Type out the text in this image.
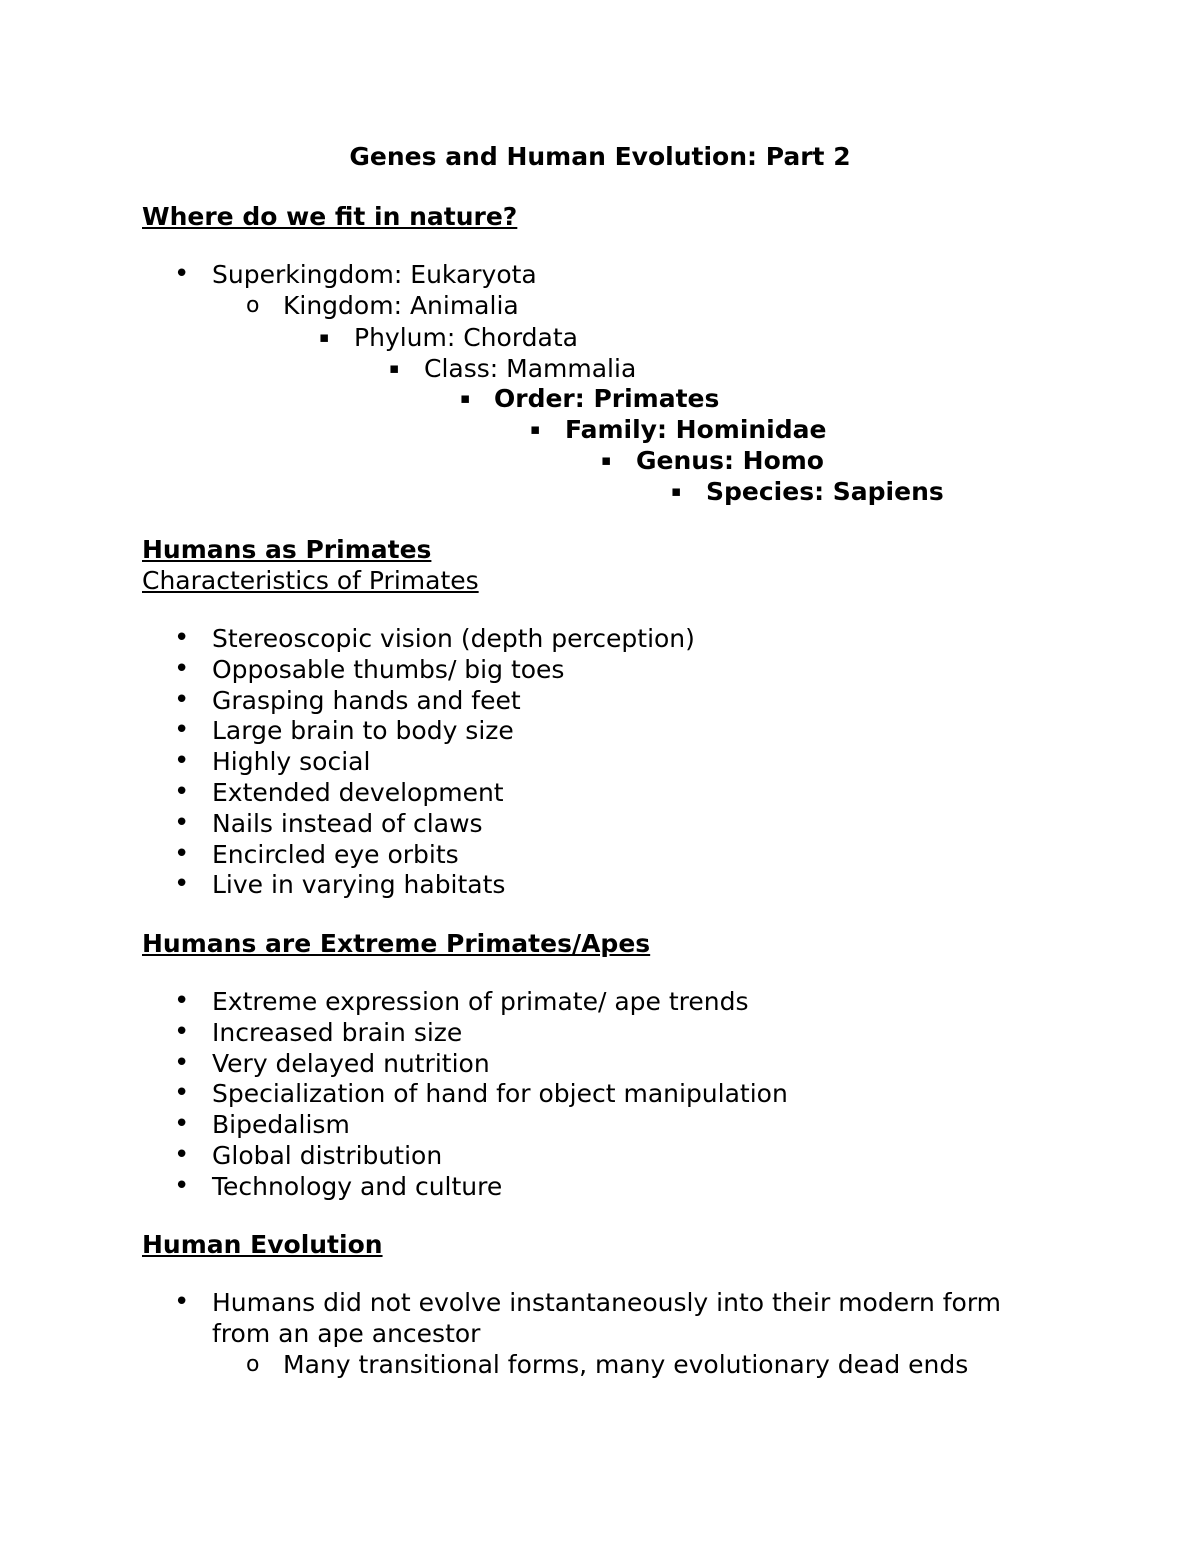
Genes and Human Evolution: Part 2
Where do we fit in nature?
• Superkingdom: Eukaryota
o Kingdom: Animalia
▪ Phylum: Chordata
▪ Class: Mammalia
▪ Order: Primates
▪ Family: Hominidae
▪ Genus: Homo
▪ Species: Sapiens
Humans as Primates
Characteristics of Primates
• Stereoscopic vision (depth perception)
• Opposable thumbs/ big toes
• Grasping hands and feet
• Large brain to body size
• Highly social
• Extended development
• Nails instead of claws
• Encircled eye orbits
• Live in varying habitats
Humans are Extreme Primates/Apes
• Extreme expression of primate/ ape trends
• Increased brain size
• Very delayed nutrition
• Specialization of hand for object manipulation
• Bipedalism
• Global distribution
• Technology and culture
Human Evolution
• Humans did not evolve instantaneously into their modern form
from an ape ancestor
o Many transitional forms, many evolutionary dead ends
